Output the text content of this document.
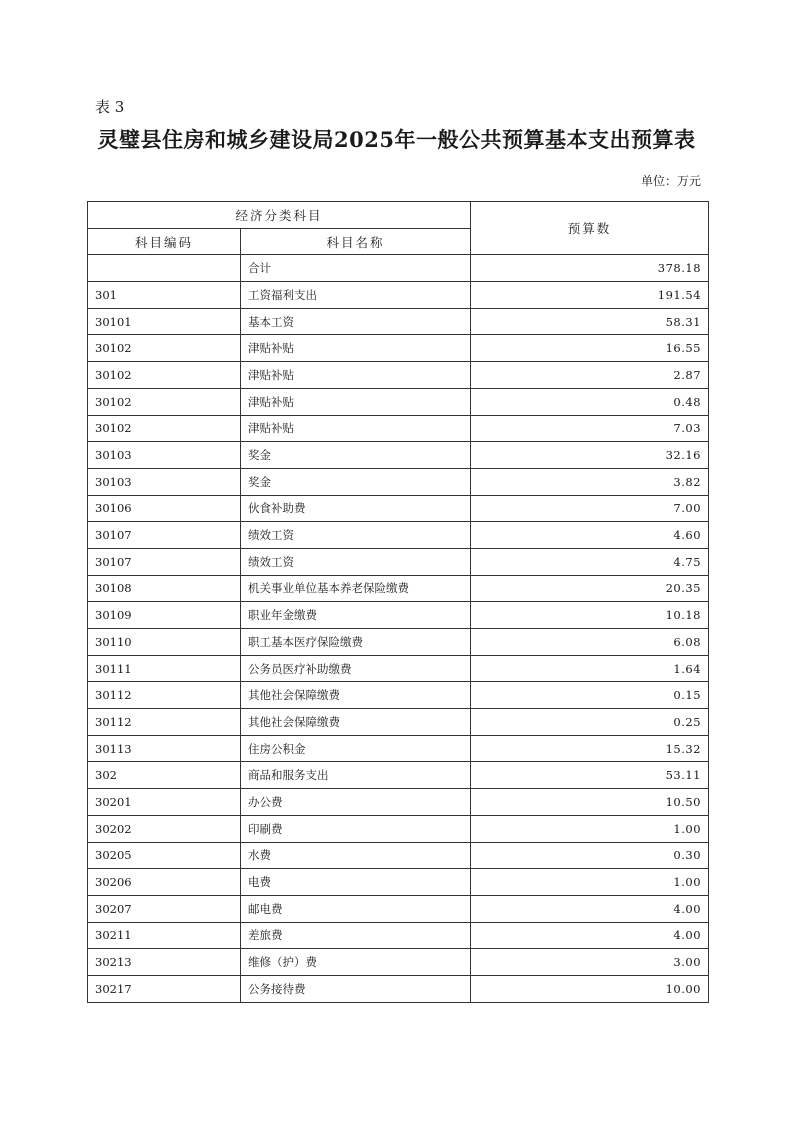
表 3
灵璧县住房和城乡建设局2025年一般公共预算基本支出预算表
单位：万元
经济分类科目		预算数
科目编码	科目名称	
	合计	378.18
301	工资福利支出	191.54
30101	基本工资	58.31
30102	津贴补贴	16.55
30102	津贴补贴	2.87
30102	津贴补贴	0.48
30102	津贴补贴	7.03
30103	奖金	32.16
30103	奖金	3.82
30106	伙食补助费	7.00
30107	绩效工资	4.60
30107	绩效工资	4.75
30108	机关事业单位基本养老保险缴费	20.35
30109	职业年金缴费	10.18
30110	职工基本医疗保险缴费	6.08
30111	公务员医疗补助缴费	1.64
30112	其他社会保障缴费	0.15
30112	其他社会保障缴费	0.25
30113	住房公积金	15.32
302	商品和服务支出	53.11
30201	办公费	10.50
30202	印刷费	1.00
30205	水费	0.30
30206	电费	1.00
30207	邮电费	4.00
30211	差旅费	4.00
30213	维修（护）费	3.00
30217	公务接待费	10.00
